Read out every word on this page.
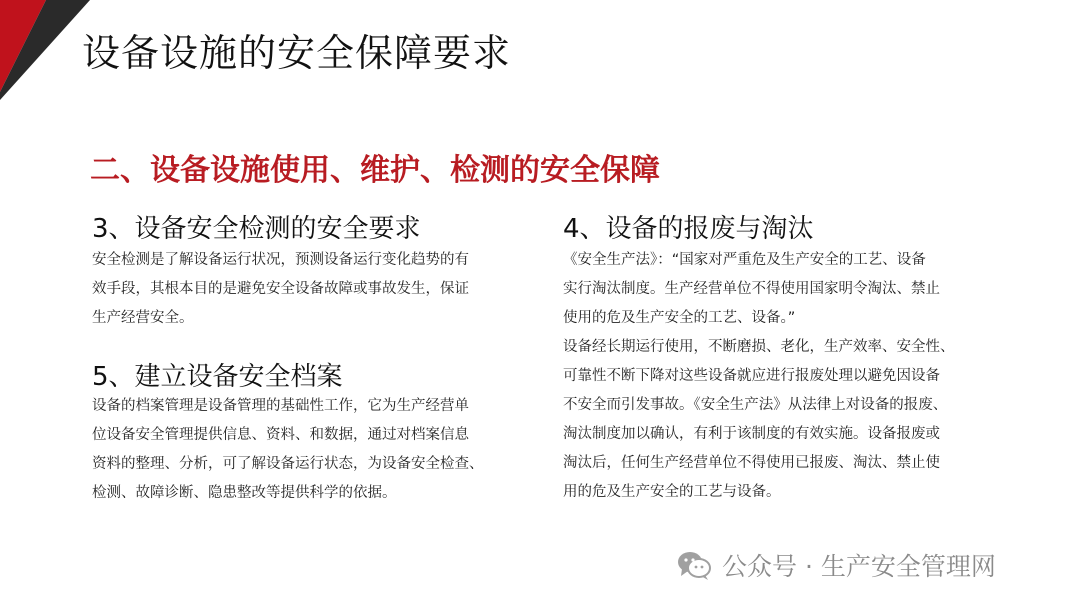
设备设施的安全保障要求
二、设备设施使用、维护、检测的安全保障
3、设备安全检测的安全要求

安全检测是了解设备运行状况，预测设备运行变化趋势的有
效手段，其根本目的是避免安全设备故障或事故发生，保证
生产经营安全。

5、建立设备安全档案

设备的档案管理是设备管理的基础性工作，它为生产经营单
位设备安全管理提供信息、资料、和数据，通过对档案信息
资料的整理、分析，可了解设备运行状态，为设备安全检查、
检测、故障诊断、隐患整改等提供科学的依据。

4、设备的报废与淘汰

《安全生产法》：“国家对严重危及生产安全的工艺、设备
实行淘汰制度。生产经营单位不得使用国家明令淘汰、禁止
使用的危及生产安全的工艺、设备。”
设备经长期运行使用，不断磨损、老化，生产效率、安全性、
可靠性不断下降对这些设备就应进行报废处理以避免因设备
不安全而引发事故。《安全生产法》从法律上对设备的报废、
淘汰制度加以确认，有利于该制度的有效实施。设备报废或
淘汰后，任何生产经营单位不得使用已报废、淘汰、禁止使
用的危及生产安全的工艺与设备。

公众号 · 生产安全管理网
